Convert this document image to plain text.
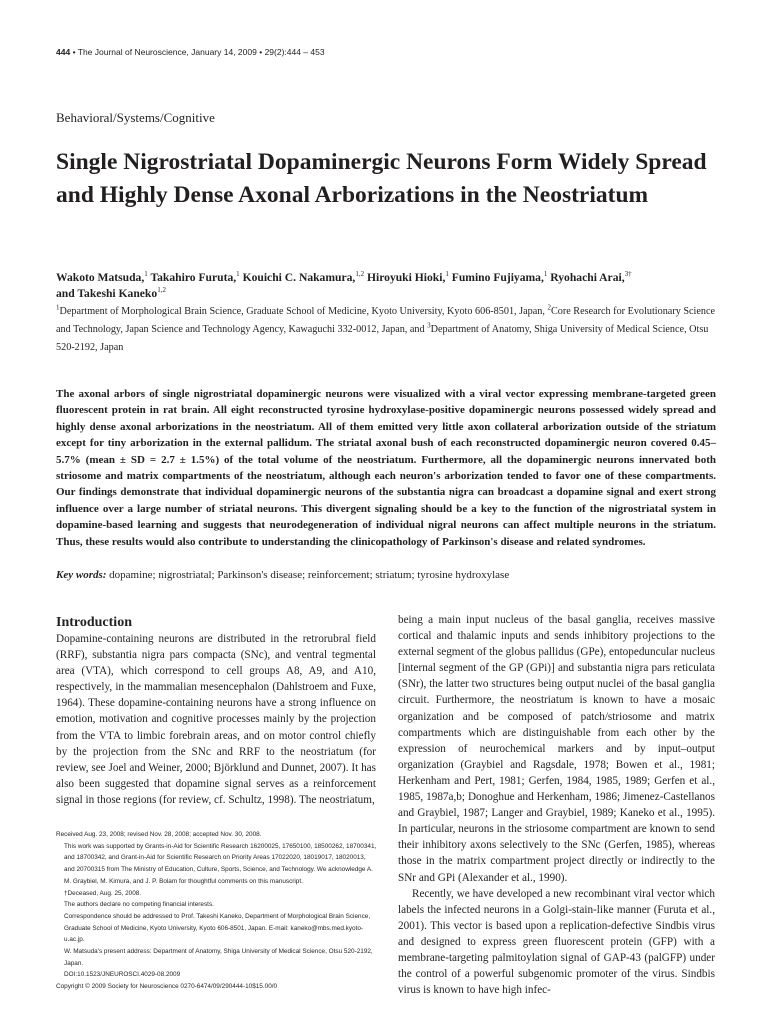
444 • The Journal of Neuroscience, January 14, 2009 • 29(2):444 – 453
Behavioral/Systems/Cognitive
Single Nigrostriatal Dopaminergic Neurons Form Widely Spread and Highly Dense Axonal Arborizations in the Neostriatum
Wakoto Matsuda,$^1$ Takahiro Furuta,$^1$ Kouichi C. Nakamura,$^{1,2}$ Hiroyuki Hioki,$^1$ Fumino Fujiyama,$^1$ Ryohachi Arai,$^{3\dagger}$
and Takeshi Kaneko$^{1,2}$
$^1$Department of Morphological Brain Science, Graduate School of Medicine, Kyoto University, Kyoto 606-8501, Japan, $^2$Core Research for Evolutionary Science and Technology, Japan Science and Technology Agency, Kawaguchi 332-0012, Japan, and $^3$Department of Anatomy, Shiga University of Medical Science, Otsu 520-2192, Japan
The axonal arbors of single nigrostriatal dopaminergic neurons were visualized with a viral vector expressing membrane-targeted green fluorescent protein in rat brain. All eight reconstructed tyrosine hydroxylase-positive dopaminergic neurons possessed widely spread and highly dense axonal arborizations in the neostriatum. All of them emitted very little axon collateral arborization outside of the striatum except for tiny arborization in the external pallidum. The striatal axonal bush of each reconstructed dopaminergic neuron covered 0.45–5.7% (mean ± SD = 2.7 ± 1.5%) of the total volume of the neostriatum. Furthermore, all the dopaminergic neurons innervated both striosome and matrix compartments of the neostriatum, although each neuron's arborization tended to favor one of these compartments. Our findings demonstrate that individual dopaminergic neurons of the substantia nigra can broadcast a dopamine signal and exert strong influence over a large number of striatal neurons. This divergent signaling should be a key to the function of the nigrostriatal system in dopamine-based learning and suggests that neurodegeneration of individual nigral neurons can affect multiple neurons in the striatum. Thus, these results would also contribute to understanding the clinicopathology of Parkinson's disease and related syndromes.
Key words: dopamine; nigrostriatal; Parkinson's disease; reinforcement; striatum; tyrosine hydroxylase
Introduction
Dopamine-containing neurons are distributed in the retrorubral field (RRF), substantia nigra pars compacta (SNc), and ventral tegmental area (VTA), which correspond to cell groups A8, A9, and A10, respectively, in the mammalian mesencephalon (Dahlstroem and Fuxe, 1964). These dopamine-containing neurons have a strong influence on emotion, motivation and cognitive processes mainly by the projection from the VTA to limbic forebrain areas, and on motor control chiefly by the projection from the SNc and RRF to the neostriatum (for review, see Joel and Weiner, 2000; Björklund and Dunnet, 2007). It has also been suggested that dopamine signal serves as a reinforcement signal in those regions (for review, cf. Schultz, 1998). The neostriatum,

being a main input nucleus of the basal ganglia, receives massive cortical and thalamic inputs and sends inhibitory projections to the external segment of the globus pallidus (GPe), entopeduncular nucleus [internal segment of the GP (GPi)] and substantia nigra pars reticulata (SNr), the latter two structures being output nuclei of the basal ganglia circuit. Furthermore, the neostriatum is known to have a mosaic organization and be composed of patch/striosome and matrix compartments which are distinguishable from each other by the expression of neurochemical markers and by input–output organization (Graybiel and Ragsdale, 1978; Bowen et al., 1981; Herkenham and Pert, 1981; Gerfen, 1984, 1985, 1989; Gerfen et al., 1985, 1987a,b; Donoghue and Herkenham, 1986; Jimenez-Castellanos and Graybiel, 1987; Langer and Graybiel, 1989; Kaneko et al., 1995). In particular, neurons in the striosome compartment are known to send their inhibitory axons selectively to the SNc (Gerfen, 1985), whereas those in the matrix compartment project directly or indirectly to the SNr and GPi (Alexander et al., 1990).

Recently, we have developed a new recombinant viral vector which labels the infected neurons in a Golgi-stain-like manner (Furuta et al., 2001). This vector is based upon a replication-defective Sindbis virus and designed to express green fluorescent protein (GFP) with a membrane-targeting palmitoylation signal of GAP-43 (palGFP) under the control of a powerful subgenomic promoter of the virus. Sindbis virus is known to have high infec-

Received Aug. 23, 2008; revised Nov. 28, 2008; accepted Nov. 30, 2008.
This work was supported by Grants-in-Aid for Scientific Research 16200025, 17650100, 18500262, 18700341, and 18700342, and Grant-in-Aid for Scientific Research on Priority Areas 17022020, 18019017, 18020013, and 20700315 from The Ministry of Education, Culture, Sports, Science, and Technology. We acknowledge A. M. Graybiel, M. Kimura, and J. P. Bolam for thoughtful comments on this manuscript.
†Deceased, Aug. 25, 2008.
The authors declare no competing financial interests.
Correspondence should be addressed to Prof. Takeshi Kaneko, Department of Morphological Brain Science, Graduate School of Medicine, Kyoto University, Kyoto 606-8501, Japan. E-mail: kaneko@mbs.med.kyoto-u.ac.jp.
W. Matsuda's present address: Department of Anatomy, Shiga University of Medical Science, Otsu 520-2192, Japan.
DOI:10.1523/JNEUROSCI.4029-08.2009
Copyright © 2009 Society for Neuroscience 0270-6474/09/290444-10$15.00/0
